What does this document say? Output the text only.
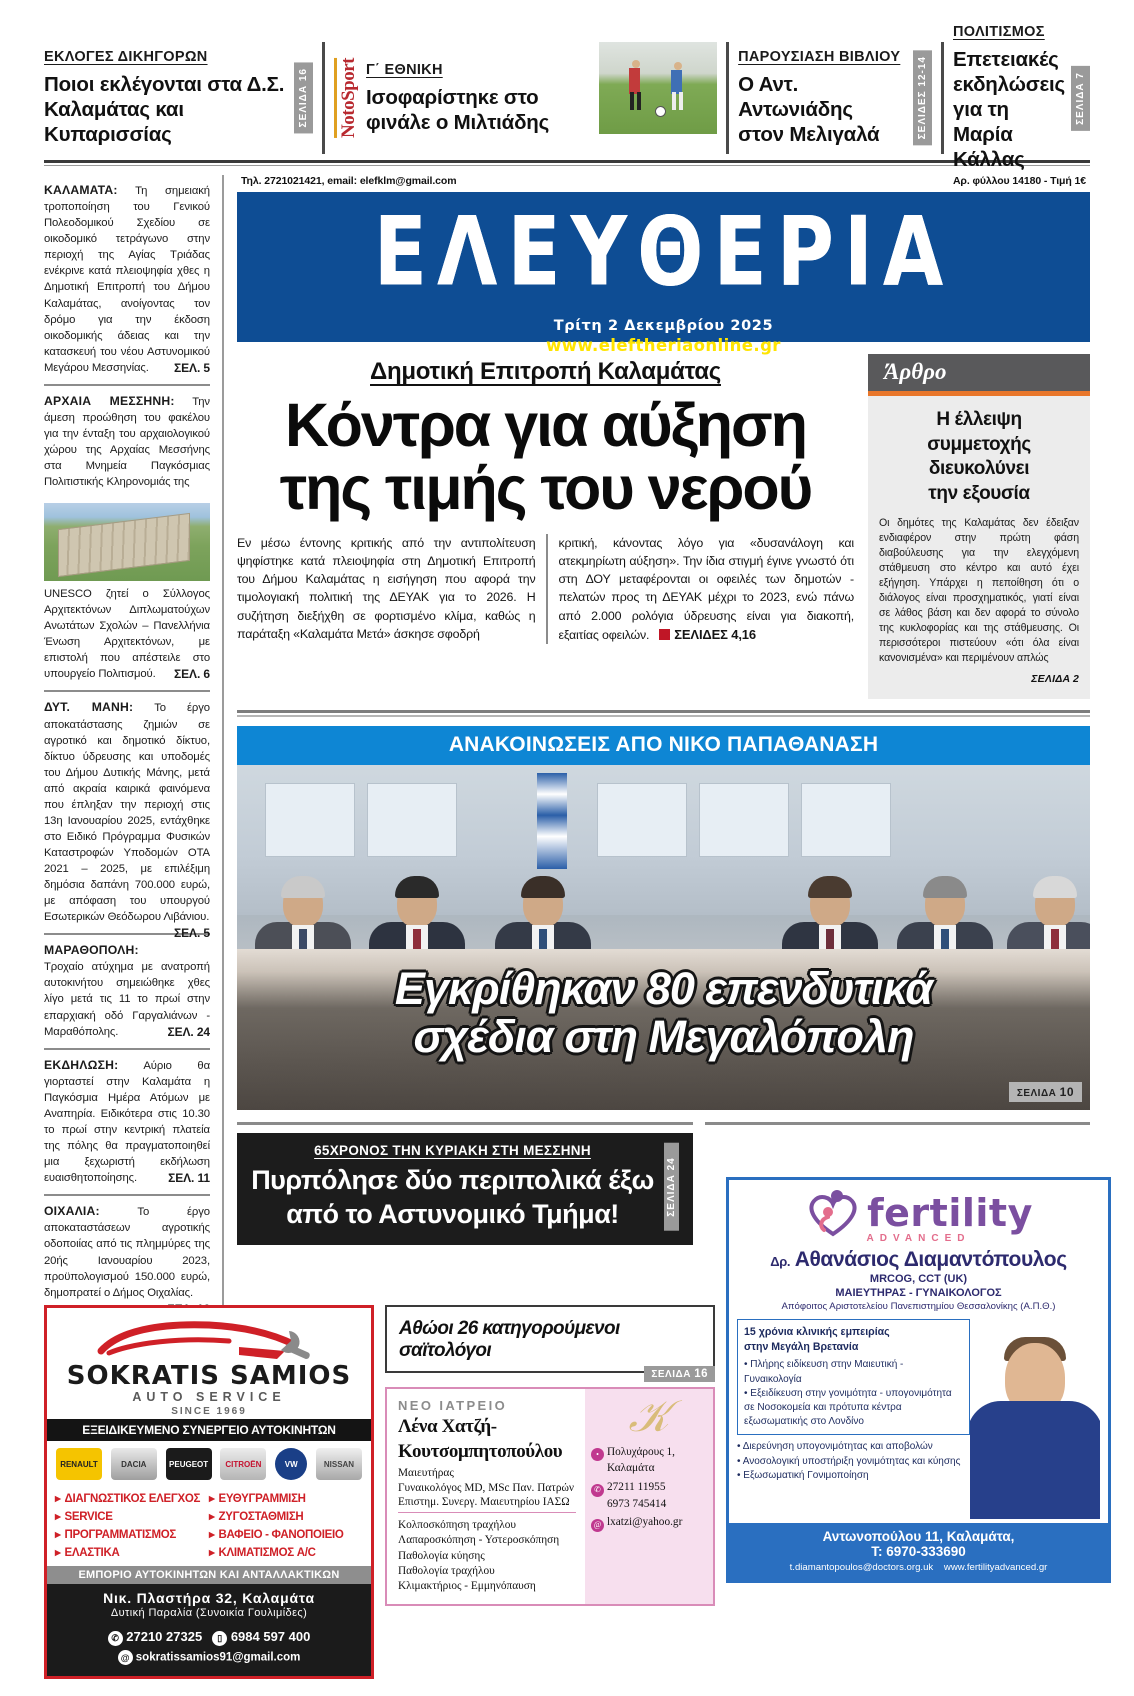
ΕΚΛΟΓΕΣ ΔΙΚΗΓΟΡΩΝ
Ποιοι εκλέγονται στα Δ.Σ.
Καλαμάτας και Κυπαρισσίας
ΣΕΛΙΔΑ 16 NotoSport Γ΄ ΕΘΝΙΚΗ
Ισοφαρίστηκε στο
φινάλε ο Μιλτιάδης
ΠΑΡΟΥΣΙΑΣΗ ΒΙΒΛΙΟΥ
Ο Αντ. Αντωνιάδης
στον Μελιγαλά	ΣΕΛΙΔΕΣ 12-14
ΠΟΛΙΤΙΣΜΟΣ
Επετειακές εκδηλώσεις
για τη Μαρία Κάλλας
ΣΕΛΙΔΑ 7
ΚΑΛΑΜΑΤΑ: Τη σημειακή τροποποίηση του Γενικού Πολεοδομικού Σχεδίου σε οικοδομικό τετράγωνο στην περιοχή της Αγίας Τριάδας ενέκρινε κατά πλειοψηφία χθες η Δημοτική Επιτροπή του Δήμου Καλαμάτας, ανοίγοντας τον δρόμο για την έκδοση οικοδομικής άδειας και την κατασκευή του νέου Αστυνομικού Μεγάρου Μεσσηνίας. ΣΕΛ. 5
ΑΡΧΑΙΑ ΜΕΣΣΗΝΗ: Την άμεση προώθηση του φακέλου για την ένταξη του αρχαιολογικού χώρου της Αρχαίας Μεσσήνης στα Μνημεία Παγκόσμιας Πολιτιστικής Κληρονομιάς της
UNESCO ζητεί ο Σύλλογος Αρχιτεκτόνων Διπλωματούχων Ανωτάτων Σχολών – Πανελλήνια Ένωση Αρχιτεκτόνων, με επιστολή που απέστειλε στο υπουργείο Πολιτισμού. ΣΕΛ. 6
ΔΥΤ. ΜΑΝΗ: Το έργο αποκατάστασης ζημιών σε αγροτικό και δημοτικό δίκτυο, δίκτυο ύδρευσης και υποδομές του Δήμου Δυτικής Μάνης, μετά από ακραία καιρικά φαινόμενα που έπληξαν την περιοχή στις 13η Ιανουαρίου 2025, εντάχθηκε στο Ειδικό Πρόγραμμα Φυσικών Καταστροφών Υποδομών ΟΤΑ 2021 – 2025, με επιλέξιμη δημόσια δαπάνη 700.000 ευρώ, με απόφαση του υπουργού Εσωτερικών Θεόδωρου Λιβάνιου.
ΣΕΛ. 5
ΜΑΡΑΘΟΠΟΛΗ: Τροχαίο ατύχημα με ανατροπή αυτοκινήτου σημειώθηκε χθες λίγο μετά τις 11 το πρωί στην επαρχιακή οδό Γαργαλιάνων - Μαραθόπολης.	ΣΕΛ. 24
ΕΚΔΗΛΩΣΗ: Αύριο θα γιορταστεί στην Καλαμάτα η Παγκόσμια Ημέρα Ατόμων με Αναπηρία. Ειδικότερα στις 10.30 το πρωί στην κεντρική πλατεία της πόλης θα πραγματοποιηθεί μια ξεχωριστή εκδήλωση ευαισθητοποίησης.	ΣΕΛ. 11
ΟΙΧΑΛΙΑ:	Το έργο αποκαταστάσεων αγροτικής οδοποιίας από τις πλημμύρες της 20ής Ιανουαρίου 2023, προϋπολογισμού 150.000 ευρώ, δημοπρατεί ο Δήμος Οιχαλίας.
Τηλ. 2721021421, email: elefklm@gmail.com	Αρ. φύλλου 14180 - Τιμή 1€
ΕΛΕΥΘΕΡΙΑ
Τρίτη 2 Δεκεμβρίου 2025
www.eleftheriaonline.gr
Δημοτική Επιτροπή Καλαμάτας
Κόντρα για αύξηση
της τιμής του νερού
Εν μέσω έντονης κριτικής από την αντιπολίτευση ψηφίστηκε κατά πλειοψηφία στη Δημοτική Επιτροπή του Δήμου Καλαμάτας η εισήγηση που αφορά την τιμολογιακή πολιτική της ΔΕΥΑΚ για το 2026. Η συζήτηση διεξήχθη σε φορτισμένο κλίμα, καθώς η παράταξη «Καλαμάτα Μετά» άσκησε σφοδρή
κριτική, κάνοντας λόγο για «δυσανάλογη και ατεκμηρίωτη αύξηση». Την ίδια στιγμή έγινε γνωστό ότι στη ΔΟΥ μεταφέρονται οι οφειλές των δημοτών - πελατών προς τη ΔΕΥΑΚ μέχρι το 2023, ενώ πάνω από 2.000 ρολόγια ύδρευσης είναι για διακοπή, εξαιτίας οφειλών. ΣΕΛΙΔΕΣ 4,16
Άρθρο
Η έλλειψη
συμμετοχής
διευκολύνει
την εξουσία
Οι δημότες της Καλαμάτας δεν έδειξαν ενδιαφέρον στην πρώτη φάση διαβούλευσης για την ελεγχόμενη στάθμευση στο κέντρο και αυτό έχει εξήγηση. Υπάρχει η πεποίθηση ότι ο διάλογος είναι προσχηματικός, γιατί είναι σε λάθος βάση και δεν αφορά το σύνολο της κυκλοφορίας και της στάθμευσης. Οι περισσότεροι πιστεύουν «ότι όλα είναι κανονισμένα» και περιμένουν απλώς
ΣΕΛΙΔΑ 2
ΑΝΑΚΟΙΝΩΣΕΙΣ ΑΠΟ ΝΙΚΟ ΠΑΠΑΘΑΝΑΣΗ
Εγκρίθηκαν 80 επενδυτικά
σχέδια στη Μεγαλόπολη
ΣΕΛΙΔΑ 10
65ΧΡΟΝΟΣ ΤΗΝ ΚΥΡΙΑΚΗ ΣΤΗ ΜΕΣΣΗΝΗ
Πυρπόλησε δύο περιπολικά έξω
από το Αστυνομικό Τμήμα!	ΣΕΛΙΔΑ 24
SOKRATIS SAMIOS
AUTO SERVICE
SINCE 1969
ΕΞΕΙΔΙΚΕΥΜΕΝΟ ΣΥΝΕΡΓΕΙΟ ΑΥΤΟΚΙΝΗΤΩΝ
RENAULT	DACIA	PEUGEOT	CITROËN	VW	NISSAN
▸ ΔΙΑΓΝΩΣΤΙΚΟΣ ΕΛΕΓΧΟΣ
▸ SERVICE
▸ ΠΡΟΓΡΑΜΜΑΤΙΣΜΟΣ
▸ ΕΛΑΣΤΙΚΑ
▸ ΕΥΘΥΓΡΑΜΜΙΣΗ
▸ ΖΥΓΟΣΤΑΘΜΙΣΗ
▸ ΒΑΦΕΙΟ - ΦΑΝΟΠΟΙΕΙΟ
▸ ΚΛΙΜΑΤΙΣΜΟΣ A/C
ΕΜΠΟΡΙΟ ΑΥΤΟΚΙΝΗΤΩΝ ΚΑΙ ΑΝΤΑΛΛΑΚΤΙΚΩΝ
Νικ. Πλαστήρα 32, Καλαμάτα
Δυτική Παραλία (Συνοικία Γουλιμίδες)
✆ 27210 27325	▯ 6984 597 400
@ sokratissamios91@gmail.com
Αθώοι 26 κατηγορούμενοι σαϊτολόγοι
ΣΕΛΙΔΑ 16
ΝΕΟ ΙΑΤΡΕΙΟ
Λένα Χατζή-
Κουτσομπητοπούλου
Μαιευτήρας
Γυναικολόγος MD, MSc Παν. Πατρών
Επιστημ. Συνεργ. Μαιευτηρίου ΙΑΣΩ
Κολποσκόπηση τραχήλου
Λαπαροσκόπηση - Υστεροσκόπηση
Παθολογία κύησης
Παθολογία τραχήλου
Κλιμακτήριος - Εμμηνόπαυση
𝒦
• Πολυχάρους 1,
Καλαμάτα
✆ 27211 11955
6973 745414
@ lxatzi@yahoo.gr
fertility
ADVANCED
Δρ. Αθανάσιος Διαμαντόπουλος
MRCOG, CCT (UK)
ΜΑΙΕΥΤΗΡΑΣ - ΓΥΝΑΙΚΟΛΟΓΟΣ
Απόφοιτος Αριστοτελείου Πανεπιστημίου Θεσσαλονίκης (Α.Π.Θ.)
15 χρόνια κλινικής εμπειρίας
στην Μεγάλη Βρετανία
• Πλήρης ειδίκευση στην Μαιευτική - Γυναικολογία
• Εξειδίκευση στην γονιμότητα - υπογονιμότητα σε Νοσοκομεία και πρότυπα κέντρα εξωσωματικής στο Λονδίνο
• Διερεύνηση υπογονιμότητας και αποβολών
• Ανοσολογική υποστήριξη γονιμότητας και κύησης
• Εξωσωματική Γονιμοποίηση
Αντωνοπούλου 11, Καλαμάτα,
T: 6970-333690
t.diamantopoulos@doctors.org.uk www.fertilityadvanced.gr
